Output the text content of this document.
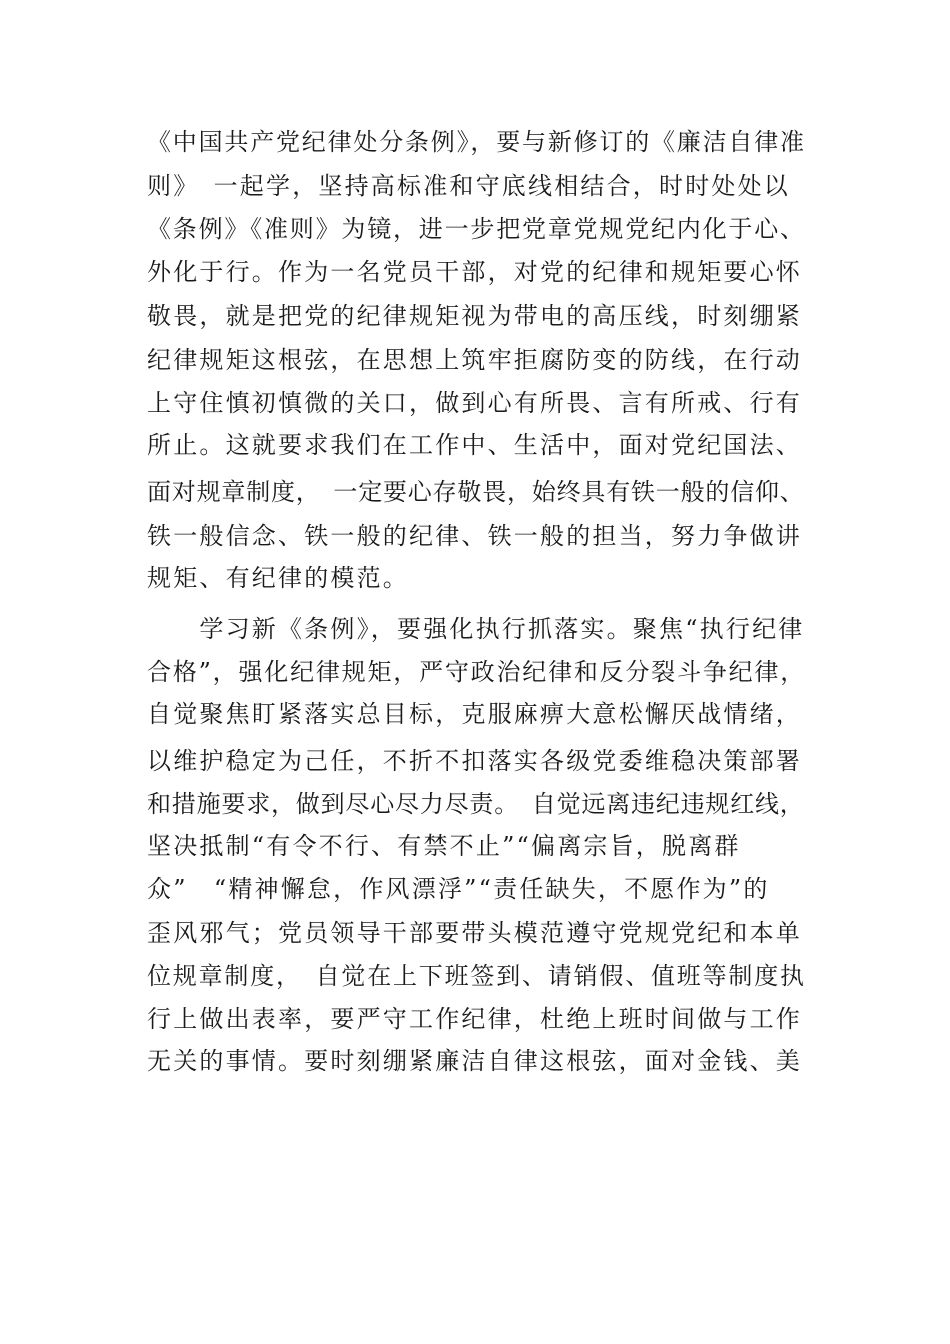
《中国共产党纪律处分条例》，要与新修订的《廉洁自律准
则》　一起学，坚持高标准和守底线相结合，时时处处以
《条例》《准则》为镜，进一步把党章党规党纪内化于心、
外化于行。作为一名党员干部，对党的纪律和规矩要心怀
敬畏，就是把党的纪律规矩视为带电的高压线，时刻绷紧
纪律规矩这根弦，在思想上筑牢拒腐防变的防线，在行动
上守住慎初慎微的关口，做到心有所畏、言有所戒、行有
所止。这就要求我们在工作中、生活中，面对党纪国法、
面对规章制度，　一定要心存敬畏，始终具有铁一般的信仰、
铁一般信念、铁一般的纪律、铁一般的担当，努力争做讲
规矩、有纪律的模范。
　　学习新《条例》，要强化执行抓落实。聚焦“执行纪律
合格”，强化纪律规矩，严守政治纪律和反分裂斗争纪律，
自觉聚焦盯紧落实总目标，克服麻痹大意松懈厌战情绪，
以维护稳定为己任，不折不扣落实各级党委维稳决策部署
和措施要求，做到尽心尽力尽责。　自觉远离违纪违规红线，
坚决抵制“有令不行、有禁不止”“偏离宗旨，脱离群
众”　“精神懈怠，作风漂浮”“责任缺失，不愿作为”的
歪风邪气；党员领导干部要带头模范遵守党规党纪和本单
位规章制度，　自觉在上下班签到、请销假、值班等制度执
行上做出表率，要严守工作纪律，杜绝上班时间做与工作
无关的事情。要时刻绷紧廉洁自律这根弦，面对金钱、美
